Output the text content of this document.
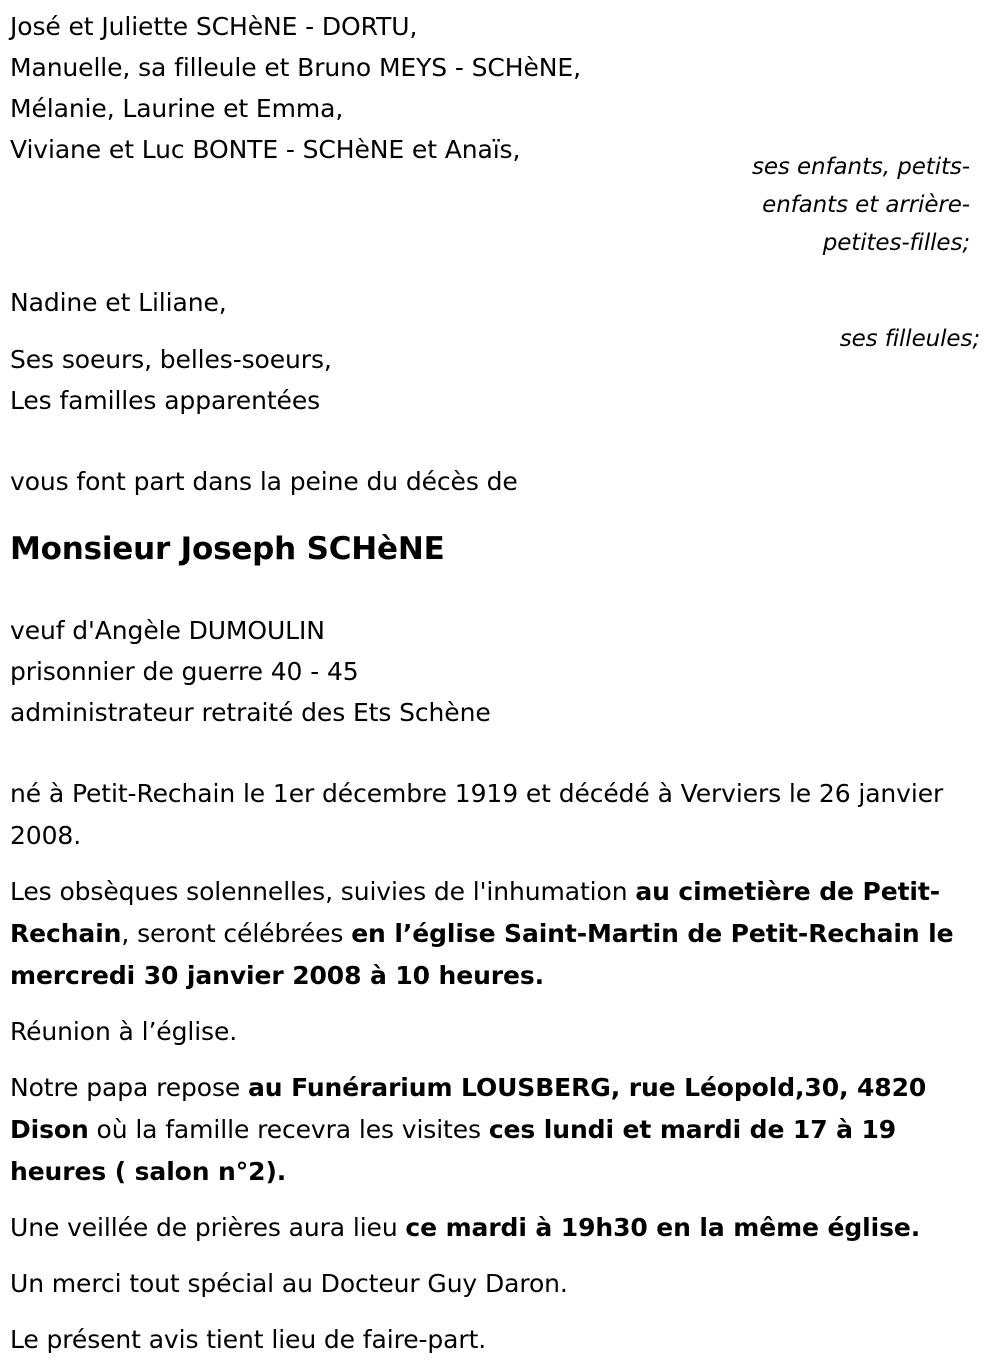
José et Juliette SCHèNE - DORTU,
Manuelle, sa filleule et Bruno MEYS - SCHèNE,
Mélanie, Laurine et Emma,
Viviane et Luc BONTE - SCHèNE et Anaïs,
ses enfants, petits-
enfants et arrière-
petites-filles;
Nadine et Liliane,
ses filleules;
Ses soeurs, belles-soeurs,
Les familles apparentées
vous font part dans la peine du décès de
Monsieur Joseph SCHèNE
veuf d'Angèle DUMOULIN
prisonnier de guerre 40 - 45
administrateur retraité des Ets Schène
né à Petit-Rechain le 1er décembre 1919 et décédé à Verviers le 26 janvier 2008.
Les obsèques solennelles, suivies de l'inhumation au cimetière de Petit-Rechain, seront célébrées en l’église Saint-Martin de Petit-Rechain le mercredi 30 janvier 2008 à 10 heures.
Réunion à l’église.
Notre papa repose au Funérarium LOUSBERG, rue Léopold,30, 4820 Dison où la famille recevra les visites ces lundi et mardi de 17 à 19 heures ( salon n°2).
Une veillée de prières aura lieu ce mardi à 19h30 en la même église.
Un merci tout spécial au Docteur Guy Daron.
Le présent avis tient lieu de faire-part.
